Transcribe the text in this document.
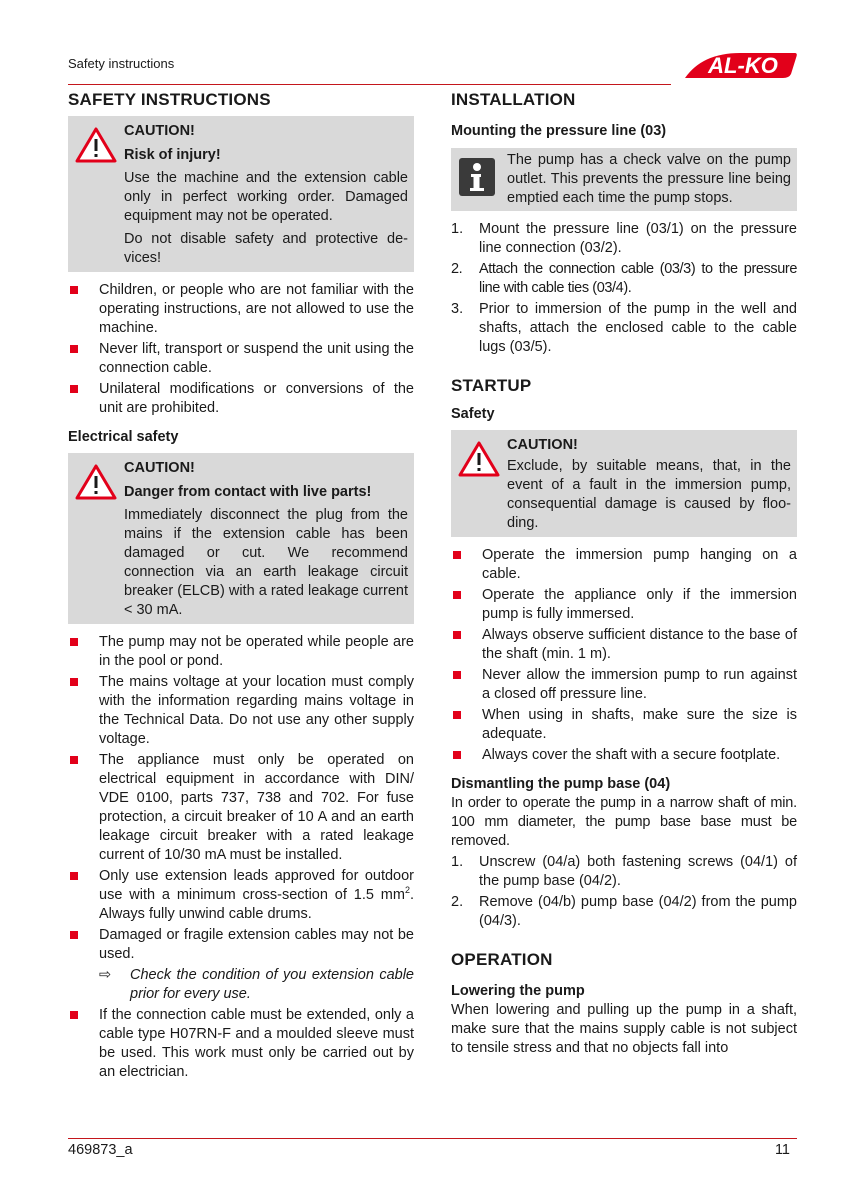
Safety instructions	AL-KO
SAFETY INSTRUCTIONS

CAUTION!

Risk of injury!

Use the machine and the extension cable only in perfect working order. Damaged equipment may not be operated.

Do not disable safety and protective devices!

Children, or people who are not familiar with the operating instructions, are not allowed to use the machine.
Never lift, transport or suspend the unit using the connection cable.
Unilateral modifications or conversions of the unit are prohibited.
Electrical safety

CAUTION!

Danger from contact with live parts!

Immediately disconnect the plug from the mains if the extension cable has been damaged or cut. We recommend connection via an earth leakage circuit breaker (ELCB) with a rated leakage current < 30 mA.

The pump may not be operated while people are in the pool or pond.
The mains voltage at your location must comply with the information regarding mains voltage in the Technical Data. Do not use any other supply voltage.
The appliance must only be operated on electrical equipment in accordance with DIN/ VDE 0100, parts 737, 738 and 702. For fuse protection, a circuit breaker of 10 A and an earth leakage circuit breaker with a rated leakage current of 10/30 mA must be installed.
Only use extension leads approved for outdoor use with a minimum cross-section of 1.5 $mm^2$. Always fully unwind cable drums.
Damaged or fragile extension cables may not be used.
⇨ Check the condition of you extension cable prior for every use.
If the connection cable must be extended, only a cable type H07RN-F and a moulded sleeve must be used. This work must only be carried out by an electrician.
INSTALLATION
Mounting the pressure line (03)

The pump has a check valve on the pump outlet. This prevents the pressure line being emptied each time the pump stops.

1. Mount the pressure line (03/1) on the pressure line connection (03/2).
2. Attach the connection cable (03/3) to the pressure line with cable ties (03/4).
3. Prior to immersion of the pump in the well and shafts, attach the enclosed cable to the cable lugs (03/5).
STARTUP
Safety

CAUTION!

Exclude, by suitable means, that, in the event of a fault in the immersion pump, consequential damage is caused by flooding.

Operate the immersion pump hanging on a cable.
Operate the appliance only if the immersion pump is fully immersed.
Always observe sufficient distance to the base of the shaft (min. 1 m).
Never allow the immersion pump to run against a closed off pressure line.
When using in shafts, make sure the size is adequate.
Always cover the shaft with a secure footplate.
Dismantling the pump base (04)

In order to operate the pump in a narrow shaft of min. 100 mm diameter, the pump base base must be removed.

1. Unscrew (04/a) both fastening screws (04/1) of the pump base (04/2).
2. Remove (04/b) pump base (04/2) from the pump (04/3).
OPERATION
Lowering the pump

When lowering and pulling up the pump in a shaft, make sure that the mains supply cable is not subject to tensile stress and that no objects fall into

469873_a	11
